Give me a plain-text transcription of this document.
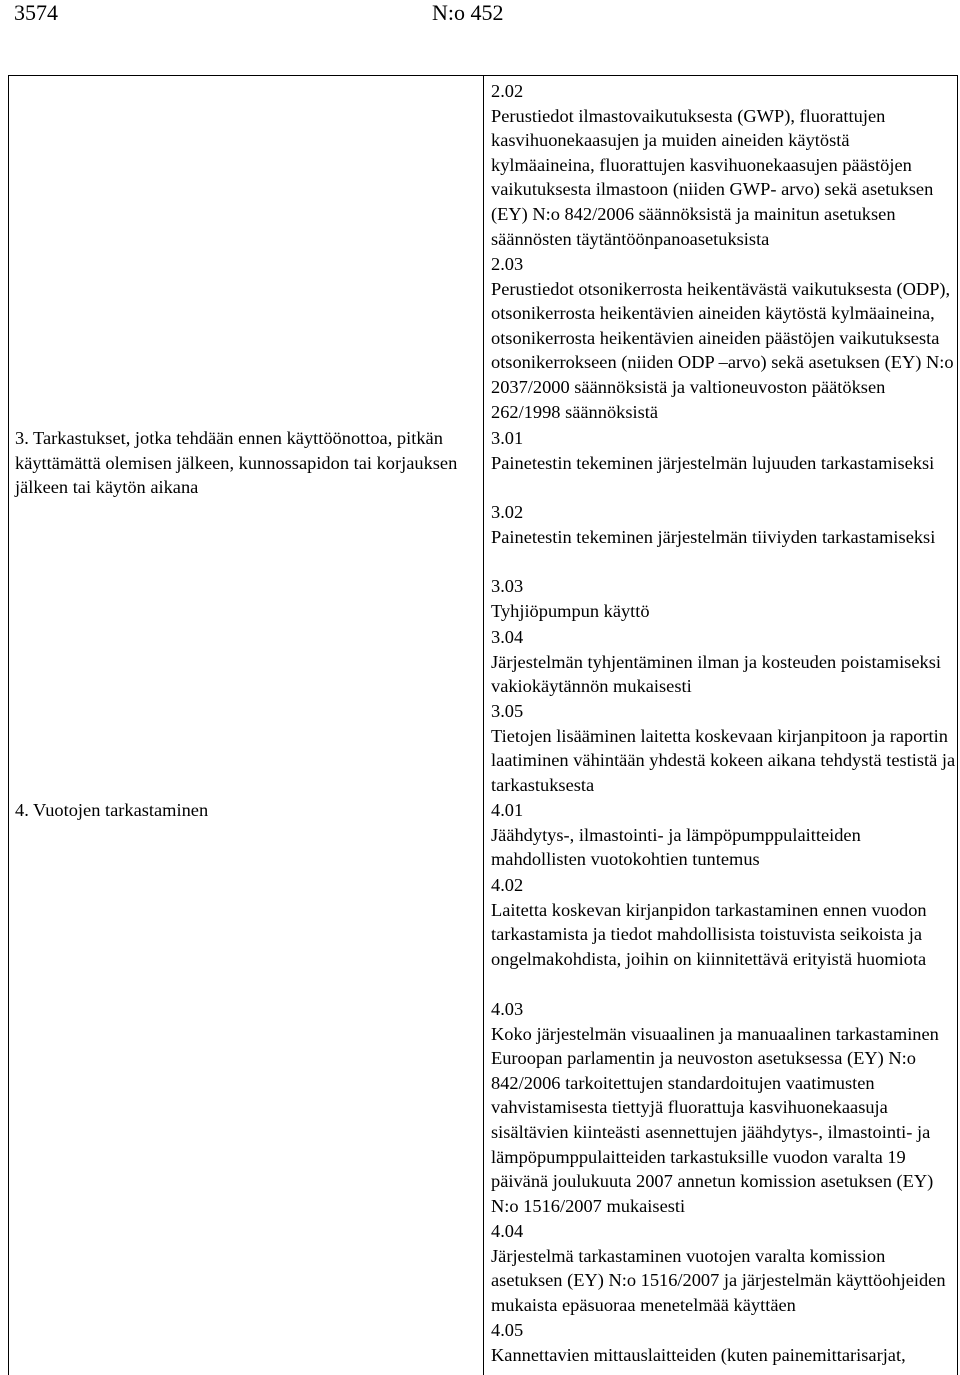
3574	N:o 452
3. Tarkastukset, jotka tehdään ennen käyttöönottoa, pitkän käyttämättä olemisen jälkeen, kunnossapidon tai korjauksen jälkeen tai käytön aikana
4. Vuotojen tarkastaminen
2.02
Perustiedot ilmastovaikutuksesta (GWP), fluorattujen kasvihuonekaasujen ja muiden aineiden käytöstä kylmäaineina, fluorattujen kasvihuonekaasujen päästöjen vaikutuksesta ilmastoon (niiden GWP- arvo) sekä asetuksen (EY) N:o 842/2006 säännöksistä ja mainitun asetuksen säännösten täytäntöönpanoasetuksista
2.03
Perustiedot otsonikerrosta heikentävästä vaikutuksesta (ODP), otsonikerrosta heikentävien aineiden käytöstä kylmäaineina, otsonikerrosta heikentävien aineiden päästöjen vaikutuksesta otsonikerrokseen (niiden ODP –arvo) sekä asetuksen (EY) N:o 2037/2000 säännöksistä ja valtioneuvoston päätöksen 262/1998 säännöksistä
3.01
Painetestin tekeminen järjestelmän lujuuden tarkastamiseksi
3.02
Painetestin tekeminen järjestelmän tiiviyden tarkastamiseksi
3.03
Tyhjiöpumpun käyttö
3.04
Järjestelmän tyhjentäminen ilman ja kosteuden poistamiseksi vakiokäytännön mukaisesti
3.05
Tietojen lisääminen laitetta koskevaan kirjanpitoon ja raportin laatiminen vähintään yhdestä kokeen aikana tehdystä testistä ja tarkastuksesta
4.01
Jäähdytys-, ilmastointi- ja lämpöpumppulaitteiden mahdollisten vuotokohtien tuntemus
4.02
Laitetta koskevan kirjanpidon tarkastaminen ennen vuodon tarkastamista ja tiedot mahdollisista toistuvista seikoista ja ongelmakohdista, joihin on kiinnitettävä erityistä huomiota
4.03
Koko järjestelmän visuaalinen ja manuaalinen tarkastaminen Euroopan parlamentin ja neuvoston asetuksessa (EY) N:o 842/2006 tarkoitettujen standardoitujen vaatimusten vahvistamisesta tiettyjä fluorattuja kasvihuonekaasuja sisältävien kiinteästi asennettujen jäähdytys-, ilmastointi- ja lämpöpumppulaitteiden tarkastuksille vuodon varalta 19 päivänä joulukuuta 2007 annetun komission asetuksen (EY) N:o 1516/2007 mukaisesti
4.04
Järjestelmä tarkastaminen vuotojen varalta komission asetuksen (EY) N:o 1516/2007 ja järjestelmän käyttöohjeiden mukaista epäsuoraa menetelmää käyttäen
4.05
Kannettavien mittauslaitteiden (kuten painemittarisarjat,
